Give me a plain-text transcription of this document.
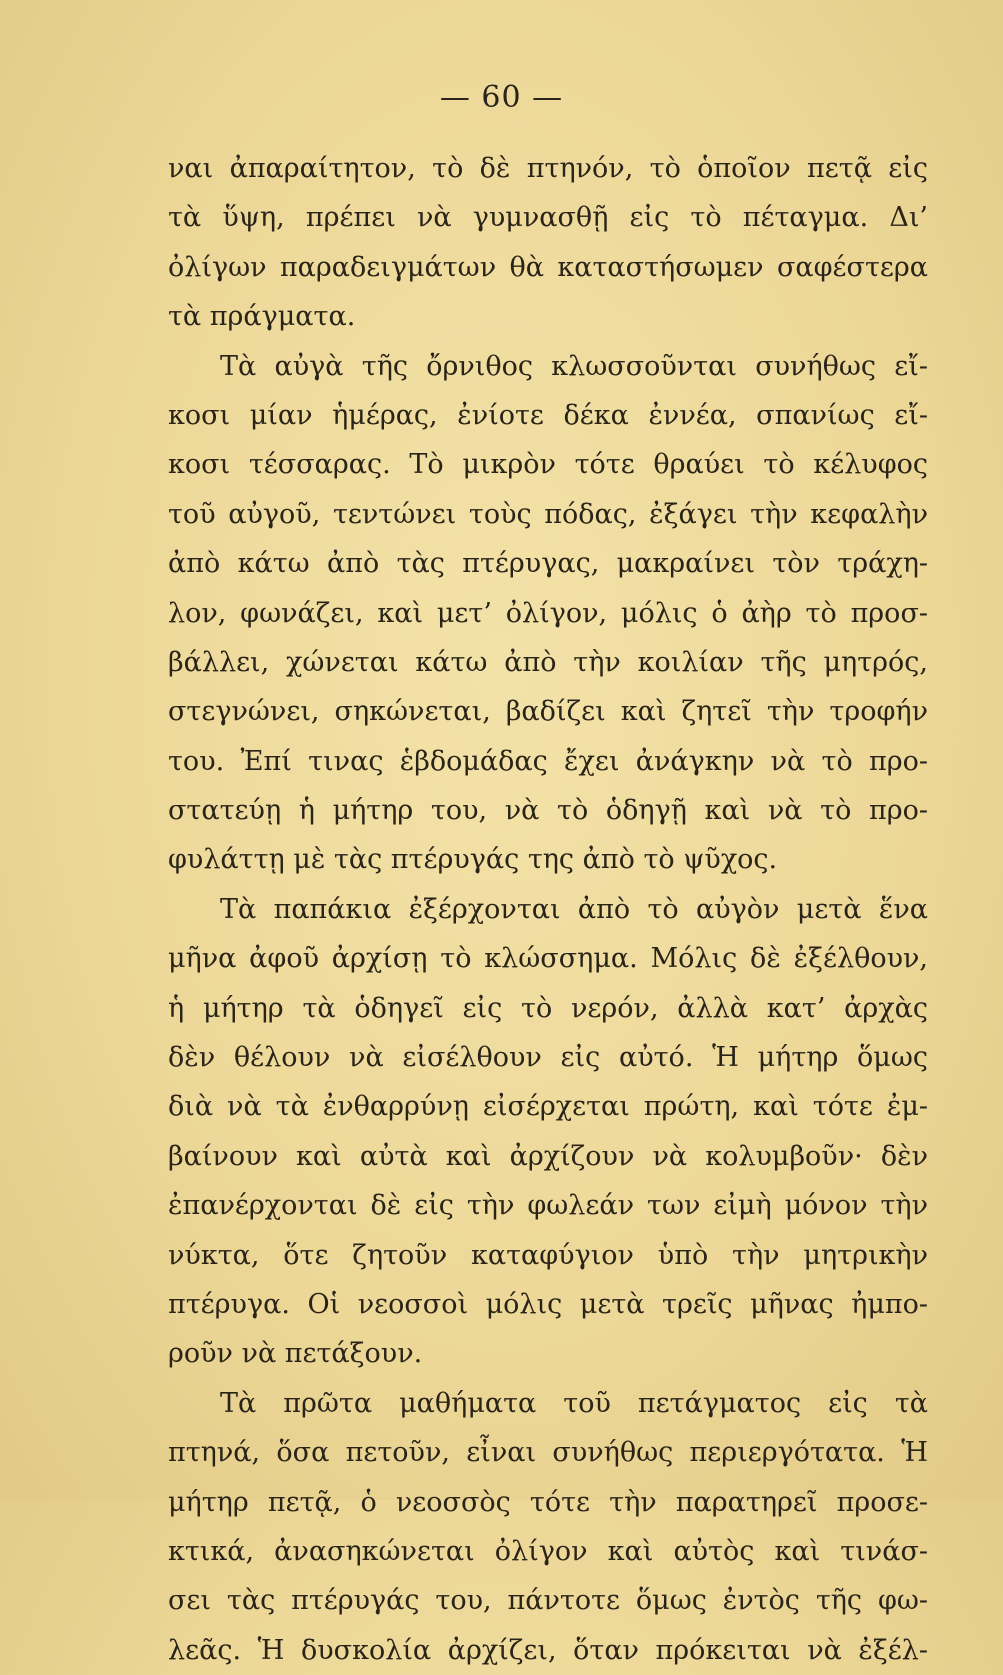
— 60 —
ναι ἀπαραίτητον, τὸ δὲ πτηνόν, τὸ ὁποῖον πετᾷ εἰς
τὰ ὕψη, πρέπει νὰ γυμνασθῇ εἰς τὸ πέταγμα. Δι’
ὀλίγων παραδειγμάτων θὰ καταστήσωμεν σαφέστερα
τὰ πράγματα.
Τὰ αὐγὰ τῆς ὄρνιθος κλωσσοῦνται συνήθως εἴ-
κοσι μίαν ἡμέρας, ἐνίοτε δέκα ἐννέα, σπανίως εἴ-
κοσι τέσσαρας. Τὸ μικρὸν τότε θραύει τὸ κέλυφος
τοῦ αὐγοῦ, τεντώνει τοὺς πόδας, ἐξάγει τὴν κεφαλὴν
ἀπὸ κάτω ἀπὸ τὰς πτέρυγας, μακραίνει τὸν τράχη-
λον, φωνάζει, καὶ μετ’ ὀλίγον, μόλις ὁ ἀὴρ τὸ προσ-
βάλλει, χώνεται κάτω ἀπὸ τὴν κοιλίαν τῆς μητρός,
στεγνώνει, σηκώνεται, βαδίζει καὶ ζητεῖ τὴν τροφήν
του. Ἐπί τινας ἑβδομάδας ἔχει ἀνάγκην νὰ τὸ προ-
στατεύῃ ἡ μήτηρ του, νὰ τὸ ὁδηγῇ καὶ νὰ τὸ προ-
φυλάττῃ μὲ τὰς πτέρυγάς της ἀπὸ τὸ ψῦχος.
Τὰ παπάκια ἐξέρχονται ἀπὸ τὸ αὐγὸν μετὰ ἕνα
μῆνα ἀφοῦ ἀρχίσῃ τὸ κλώσσημα. Μόλις δὲ ἐξέλθουν,
ἡ μήτηρ τὰ ὁδηγεῖ εἰς τὸ νερόν, ἀλλὰ κατ’ ἀρχὰς
δὲν θέλουν νὰ εἰσέλθουν εἰς αὐτό. Ἡ μήτηρ ὅμως
διὰ νὰ τὰ ἐνθαρρύνῃ εἰσέρχεται πρώτη, καὶ τότε ἐμ-
βαίνουν καὶ αὐτὰ καὶ ἀρχίζουν νὰ κολυμβοῦν· δὲν
ἐπανέρχονται δὲ εἰς τὴν φωλεάν των εἰμὴ μόνον τὴν
νύκτα, ὅτε ζητοῦν καταφύγιον ὑπὸ τὴν μητρικὴν
πτέρυγα. Οἱ νεοσσοὶ μόλις μετὰ τρεῖς μῆνας ἠμπο-
ροῦν νὰ πετάξουν.
Τὰ πρῶτα μαθήματα τοῦ πετάγματος εἰς τὰ
πτηνά, ὅσα πετοῦν, εἶναι συνήθως περιεργότατα. Ἡ
μήτηρ πετᾷ, ὁ νεοσσὸς τότε τὴν παρατηρεῖ προσε-
κτικά, ἀνασηκώνεται ὀλίγον καὶ αὐτὸς καὶ τινάσ-
σει τὰς πτέρυγάς του, πάντοτε ὅμως ἐντὸς τῆς φω-
λεᾶς. Ἡ δυσκολία ἀρχίζει, ὅταν πρόκειται νὰ ἐξέλ-
